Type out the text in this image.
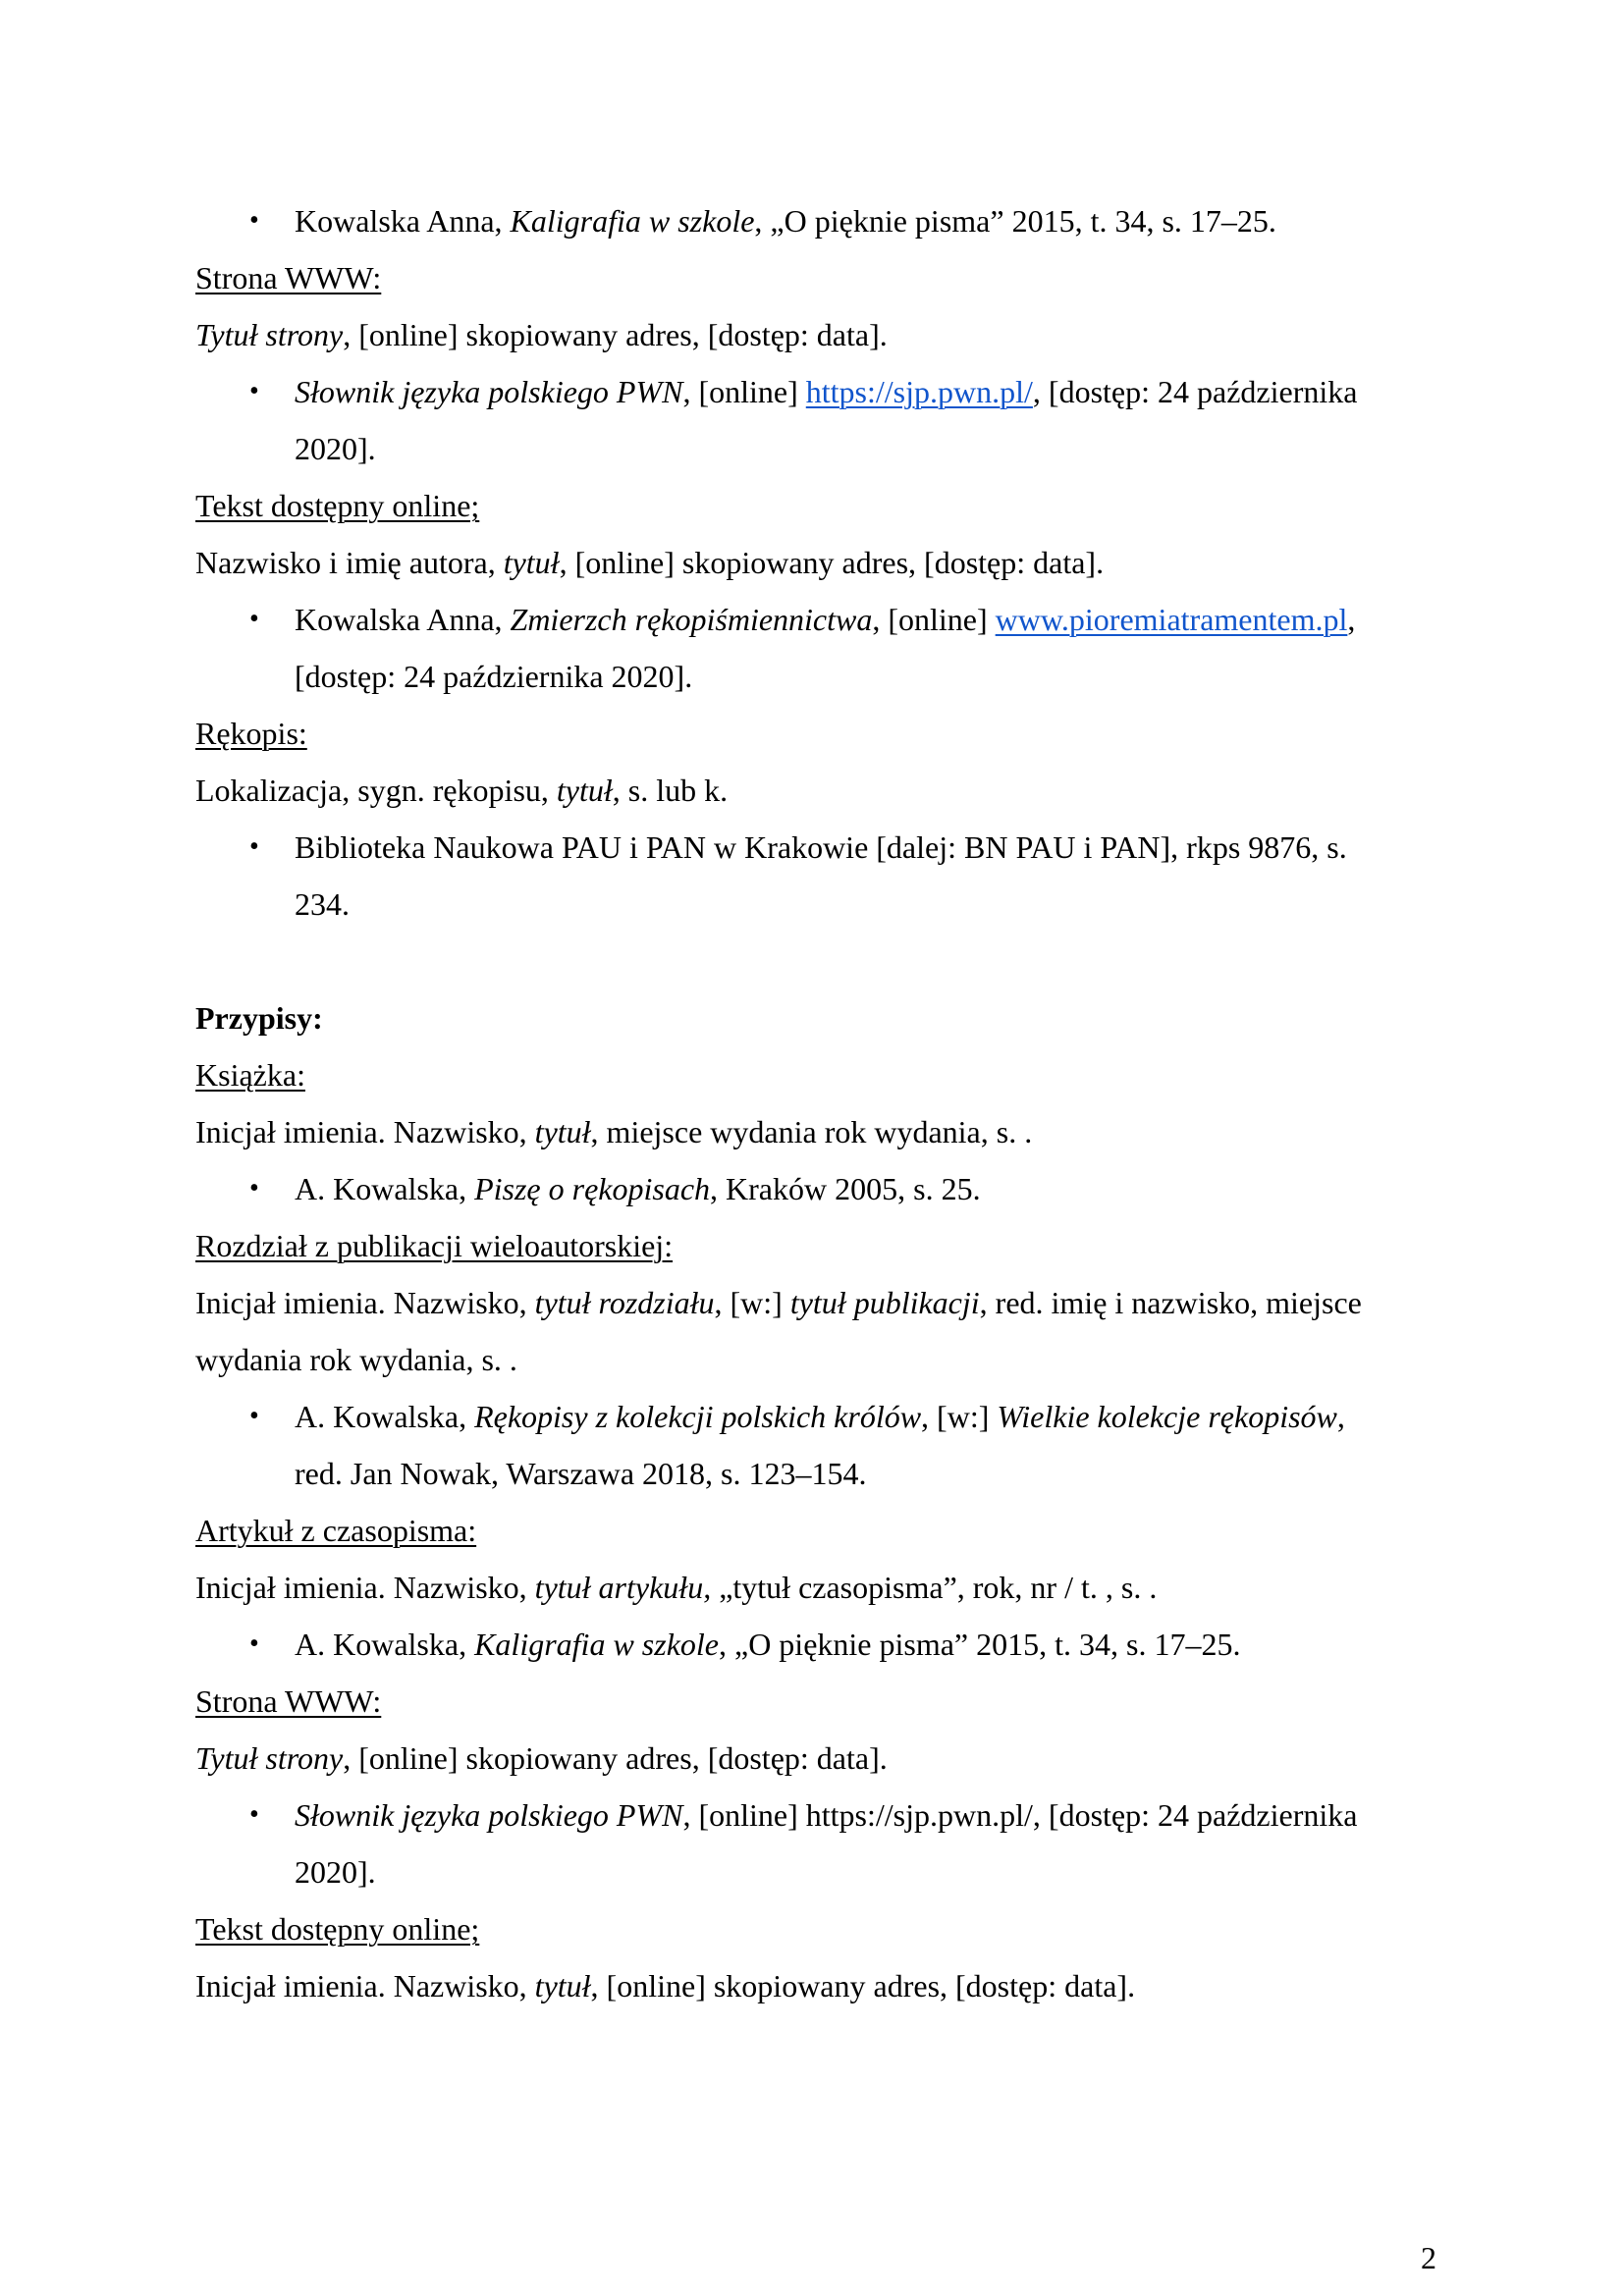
• Kowalska Anna, Kaligrafia w szkole, „O pięknie pisma” 2015, t. 34, s. 17–25.

Strona WWW:

Tytuł strony, [online] skopiowany adres, [dostęp: data].

• Słownik języka polskiego PWN, [online] https://sjp.pwn.pl/, [dostęp: 24 października
2020].

Tekst dostępny online;

Nazwisko i imię autora, tytuł, [online] skopiowany adres, [dostęp: data].

• Kowalska Anna, Zmierzch rękopiśmiennictwa, [online] www.pioremiatramentem.pl,
[dostęp: 24 października 2020].

Rękopis:

Lokalizacja, sygn. rękopisu, tytuł, s. lub k.

• Biblioteka Naukowa PAU i PAN w Krakowie [dalej: BN PAU i PAN], rkps 9876, s.
234.

Przypisy:

Książka:

Inicjał imienia. Nazwisko, tytuł, miejsce wydania rok wydania, s. .

• A. Kowalska, Piszę o rękopisach, Kraków 2005, s. 25.

Rozdział z publikacji wieloautorskiej:

Inicjał imienia. Nazwisko, tytuł rozdziału, [w:] tytuł publikacji, red. imię i nazwisko, miejsce

wydania rok wydania, s. .

• A. Kowalska, Rękopisy z kolekcji polskich królów, [w:] Wielkie kolekcje rękopisów,
red. Jan Nowak, Warszawa 2018, s. 123–154.

Artykuł z czasopisma:

Inicjał imienia. Nazwisko, tytuł artykułu, „tytuł czasopisma”, rok, nr / t. , s. .

• A. Kowalska, Kaligrafia w szkole, „O pięknie pisma” 2015, t. 34, s. 17–25.

Strona WWW:

Tytuł strony, [online] skopiowany adres, [dostęp: data].

• Słownik języka polskiego PWN, [online] https://sjp.pwn.pl/, [dostęp: 24 października
2020].

Tekst dostępny online;

Inicjał imienia. Nazwisko, tytuł, [online] skopiowany adres, [dostęp: data].

2
